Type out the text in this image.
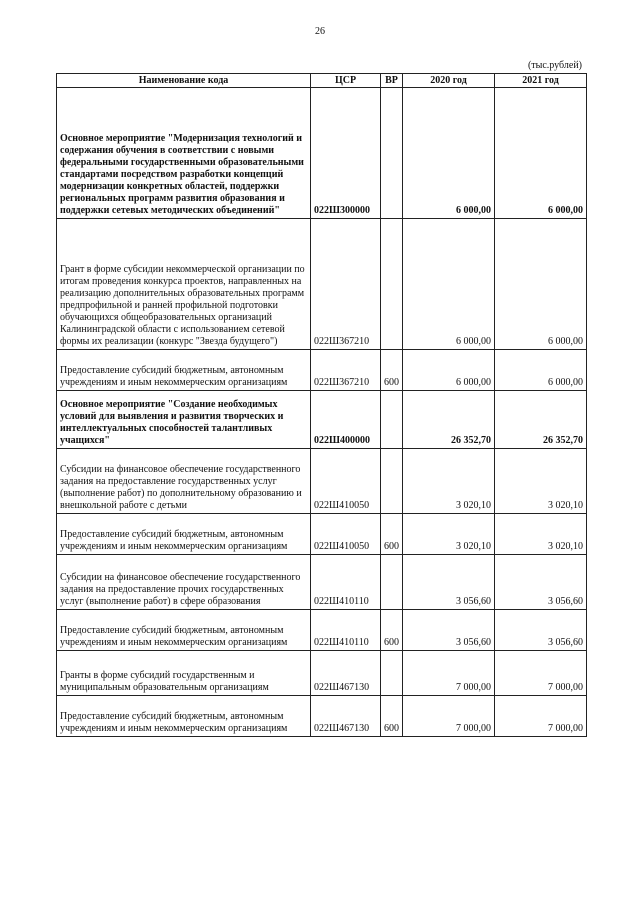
26
(тыс.рублей)
Наименование кода	ЦСР	ВР	2020 год	2021 год
Основное мероприятие "Модернизация технологий и содержания обучения в соответствии с новыми федеральными государственными образовательными стандартами посредством разработки концепций модернизации конкретных областей, поддержки региональных программ развития образования и поддержки сетевых методических объединений"	022Ш300000		6 000,00	6 000,00
Грант в форме субсидии некоммерческой организации по итогам проведения конкурса проектов, направленных на реализацию дополнительных образовательных программ предпрофильной и ранней профильной подготовки обучающихся общеобразовательных организаций Калининградской области с использованием сетевой формы их реализации (конкурс "Звезда будущего")	022Ш367210		6 000,00	6 000,00
Предоставление субсидий бюджетным, автономным учреждениям и иным некоммерческим организациям	022Ш367210	600	6 000,00	6 000,00
Основное мероприятие "Создание необходимых условий для выявления и развития творческих и интеллектуальных способностей талантливых учащихся"	022Ш400000		26 352,70	26 352,70
Субсидии на финансовое обеспечение государственного задания на предоставление государственных услуг (выполнение работ) по дополнительному образованию и внешкольной работе с детьми	022Ш410050		3 020,10	3 020,10
Предоставление субсидий бюджетным, автономным учреждениям и иным некоммерческим организациям	022Ш410050	600	3 020,10	3 020,10
Субсидии на финансовое обеспечение государственного задания на предоставление прочих государственных услуг (выполнение работ) в сфере образования	022Ш410110		3 056,60	3 056,60
Предоставление субсидий бюджетным, автономным учреждениям и иным некоммерческим организациям	022Ш410110	600	3 056,60	3 056,60
Гранты в форме субсидий государственным и муниципальным образовательным организациям	022Ш467130		7 000,00	7 000,00
Предоставление субсидий бюджетным, автономным учреждениям и иным некоммерческим организациям	022Ш467130	600	7 000,00	7 000,00
